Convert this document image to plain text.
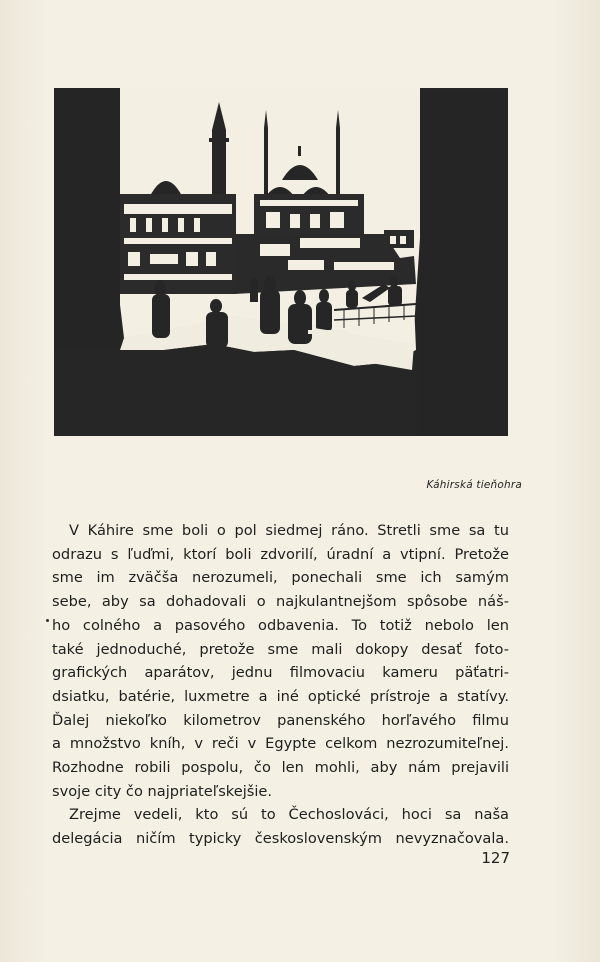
Káhirská tieňohra
V Káhire sme boli o pol siedmej ráno. Stretli sme sa tu
odrazu s ľuďmi, ktorí boli zdvorilí, úradní a vtipní. Pretože
sme im zväčša nerozumeli, ponechali sme ich samým
sebe, aby sa dohadovali o najkulantnejšom spôsobe náš-
ho colného a pasového odbavenia. To totiž nebolo len
také jednoduché, pretože sme mali dokopy desať foto-
grafických aparátov, jednu filmovaciu kameru päťatri-
dsiatku, batérie, luxmetre a iné optické prístroje a statívy.
Ďalej niekoľko kilometrov panenského horľavého filmu
a množstvo kníh, v reči v Egypte celkom nezrozumiteľnej.
Rozhodne robili pospolu, čo len mohli, aby nám prejavili
svoje city čo najpriateľskejšie.
Zrejme vedeli, kto sú to Čechoslováci, hoci sa naša
delegácia ničím typicky československým nevyznačovala.
127
